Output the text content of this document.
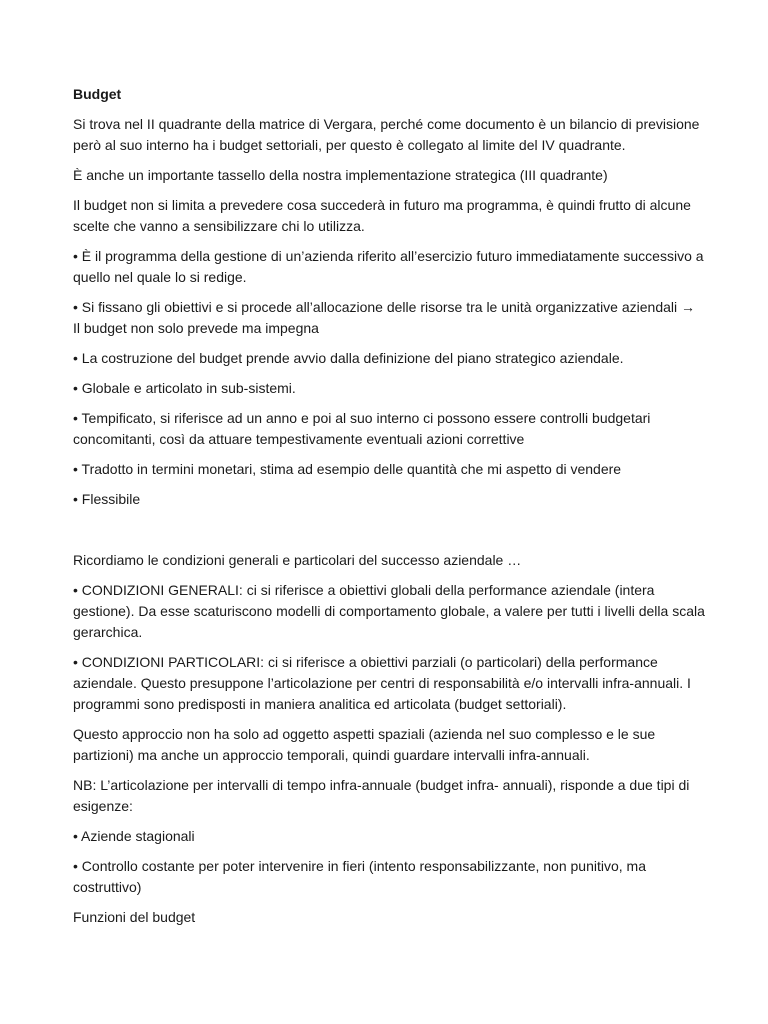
Budget

Si trova nel II quadrante della matrice di Vergara, perché come documento è un bilancio di previsione però al suo interno ha i budget settoriali, per questo è collegato al limite del IV quadrante.

È anche un importante tassello della nostra implementazione strategica (III quadrante)

Il budget non si limita a prevedere cosa succederà in futuro ma programma, è quindi frutto di alcune scelte che vanno a sensibilizzare chi lo utilizza.

• È il programma della gestione di un’azienda riferito all’esercizio futuro immediatamente successivo a quello nel quale lo si redige.

• Si fissano gli obiettivi e si procede all’allocazione delle risorse tra le unità organizzative aziendali → Il budget non solo prevede ma impegna

• La costruzione del budget prende avvio dalla definizione del piano strategico aziendale.

• Globale e articolato in sub-sistemi.

• Tempificato, si riferisce ad un anno e poi al suo interno ci possono essere controlli budgetari concomitanti, così da attuare tempestivamente eventuali azioni correttive

• Tradotto in termini monetari, stima ad esempio delle quantità che mi aspetto di vendere

• Flessibile

Ricordiamo le condizioni generali e particolari del successo aziendale …

• CONDIZIONI GENERALI: ci si riferisce a obiettivi globali della performance aziendale (intera gestione). Da esse scaturiscono modelli di comportamento globale, a valere per tutti i livelli della scala gerarchica.

• CONDIZIONI PARTICOLARI: ci si riferisce a obiettivi parziali (o particolari) della performance aziendale. Questo presuppone l’articolazione per centri di responsabilità e/o intervalli infra-annuali. I programmi sono predisposti in maniera analitica ed articolata (budget settoriali).

Questo approccio non ha solo ad oggetto aspetti spaziali (azienda nel suo complesso e le sue partizioni) ma anche un approccio temporali, quindi guardare intervalli infra-annuali.

NB: L’articolazione per intervalli di tempo infra-annuale (budget infra- annuali), risponde a due tipi di esigenze:

• Aziende stagionali

• Controllo costante per poter intervenire in fieri (intento responsabilizzante, non punitivo, ma costruttivo)

Funzioni del budget
